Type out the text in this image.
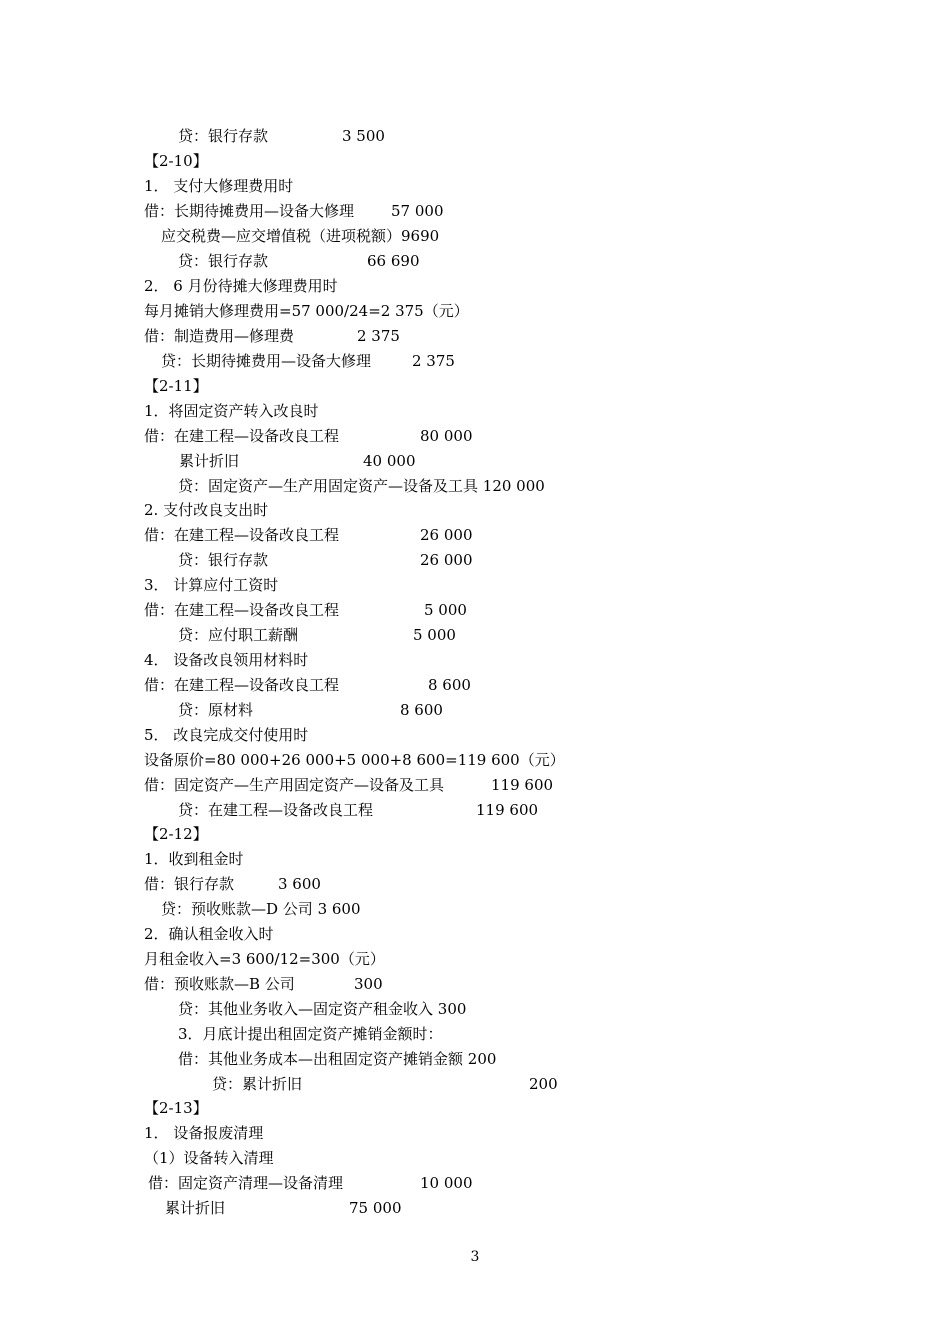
贷：银行存款	3 500
【2-10】
1． 支付大修理费用时
借：长期待摊费用—设备大修理 57 000
应交税费—应交增值税（进项税额）9690
贷：银行存款	66 690
2． 6 月份待摊大修理费用时
每月摊销大修理费用=57 000/24=2 375（元）
借：制造费用—修理费	2 375
贷：长期待摊费用—设备大修理	2 375
【2-11】
1．将固定资产转入改良时
借：在建工程—设备改良工程	80 000
累计折旧	40 000
贷：固定资产—生产用固定资产—设备及工具 120 000
2. 支付改良支出时
借：在建工程—设备改良工程	26 000
贷：银行存款	26 000
3． 计算应付工资时
借：在建工程—设备改良工程	5 000
贷：应付职工薪酬	5 000
4． 设备改良领用材料时
借：在建工程—设备改良工程	8 600
贷：原材料	8 600
5． 改良完成交付使用时
设备原价=80 000+26 000+5 000+8 600=119 600（元）
借：固定资产—生产用固定资产—设备及工具	119 600
贷：在建工程—设备改良工程	119 600
【2-12】
1．收到租金时
借：银行存款	3 600
贷：预收账款—D 公司 3 600
2．确认租金收入时
月租金收入=3 600/12=300（元）
借：预收账款—B 公司	300
贷：其他业务收入—固定资产租金收入 300
3．月底计提出租固定资产摊销金额时：
借：其他业务成本—出租固定资产摊销金额 200
贷：累计折旧	200
【2-13】
1． 设备报废清理
（1）设备转入清理
借：固定资产清理—设备清理	10 000
累计折旧	75 000
3
